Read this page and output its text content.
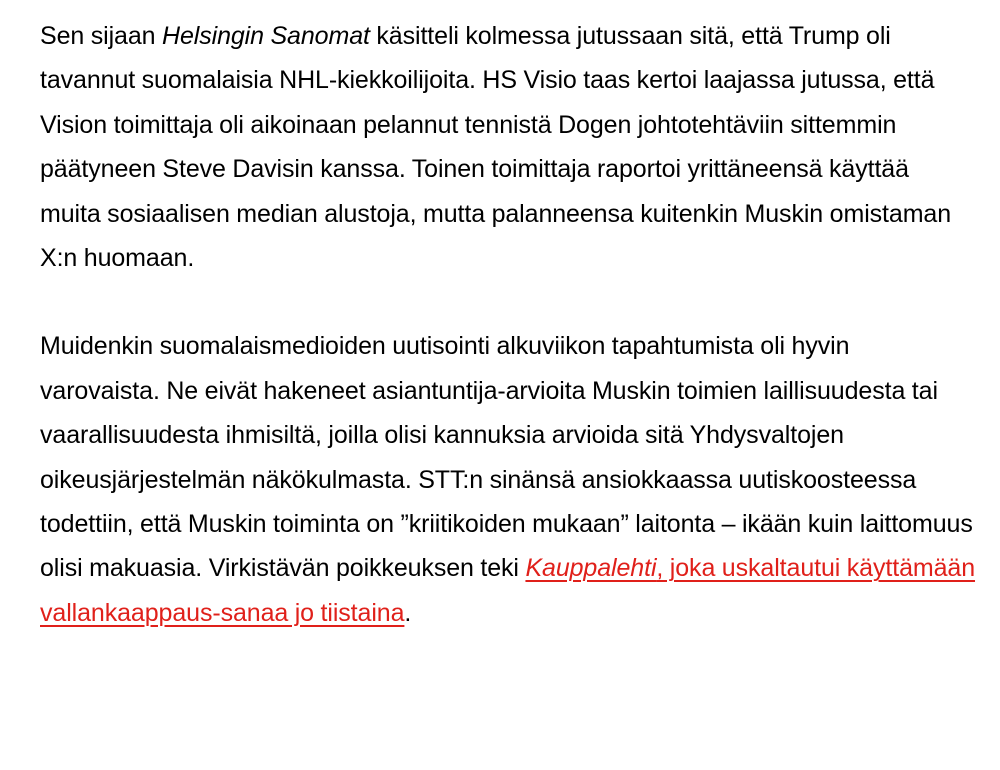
Sen sijaan Helsingin Sanomat käsitteli kolmessa jutussaan sitä, että Trump oli tavannut suomalaisia NHL-kiekkoilijoita. HS Visio taas kertoi laajassa jutussa, että Vision toimittaja oli aikoinaan pelannut tennistä Dogen johtotehtäviin sittemmin päätyneen Steve Davisin kanssa. Toinen toimittaja raportoi yrittäneensä käyttää muita sosiaalisen median alustoja, mutta palanneensa kuitenkin Muskin omistaman X:n huomaan.

Muidenkin suomalaismedioiden uutisointi alkuviikon tapahtumista oli hyvin varovaista. Ne eivät hakeneet asiantuntija-arvioita Muskin toimien laillisuudesta tai vaarallisuudesta ihmisiltä, joilla olisi kannuksia arvioida sitä Yhdysvaltojen oikeusjärjestelmän näkökulmasta. STT:n sinänsä ansiokkaassa uutiskoosteessa todettiin, että Muskin toiminta on ”kriitikoiden mukaan” laitonta – ikään kuin laittomuus olisi makuasia. Virkistävän poikkeuksen teki Kauppalehti, joka uskaltautui käyttämään vallankaappaus-sanaa jo tiistaina.
